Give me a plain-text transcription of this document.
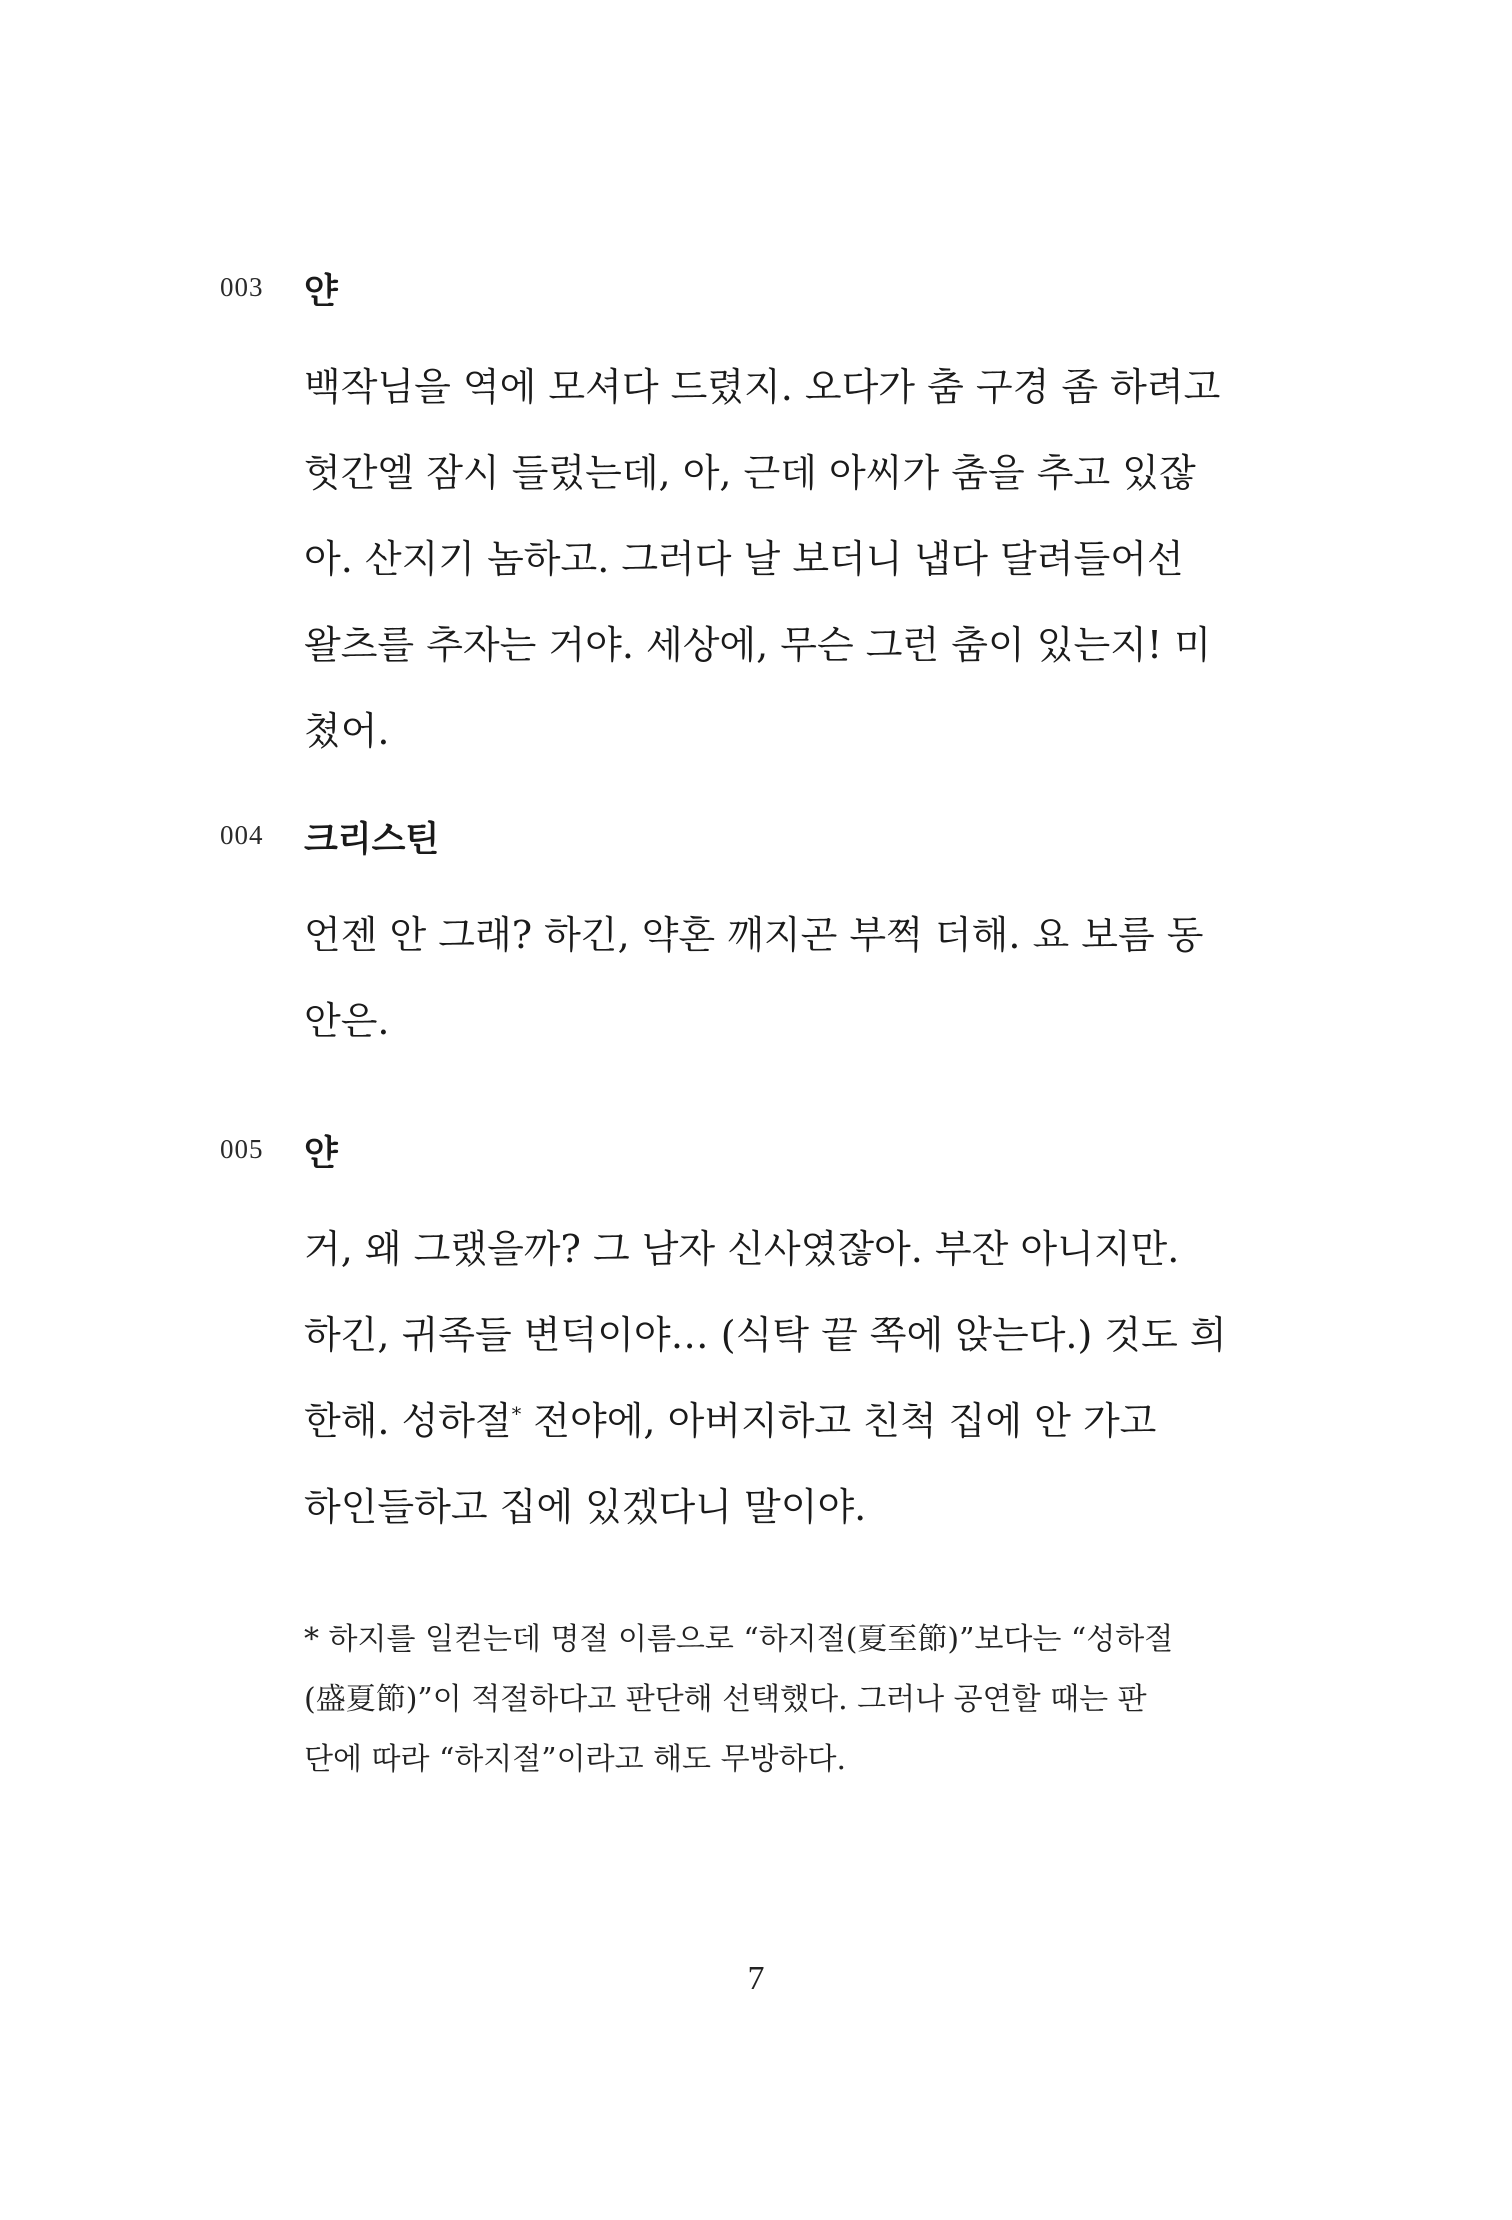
003 얀
백작님을 역에 모셔다 드렸지. 오다가 춤 구경 좀 하려고
헛간엘 잠시 들렀는데, 아, 근데 아씨가 춤을 추고 있잖
아. 산지기 놈하고. 그러다 날 보더니 냅다 달려들어선
왈츠를 추자는 거야. 세상에, 무슨 그런 춤이 있는지! 미
쳤어.
004 크리스틴
언젠 안 그래? 하긴, 약혼 깨지곤 부쩍 더해. 요 보름 동
안은.
005 얀
거, 왜 그랬을까? 그 남자 신사였잖아. 부잔 아니지만.
하긴, 귀족들 변덕이야… (식탁 끝 쪽에 앉는다.) 것도 희
한해. 성하절* 전야에, 아버지하고 친척 집에 안 가고
하인들하고 집에 있겠다니 말이야.
* 하지를 일컫는데 명절 이름으로 “하지절(夏至節)”보다는 “성하절
(盛夏節)”이 적절하다고 판단해 선택했다. 그러나 공연할 때는 판
단에 따라 “하지절”이라고 해도 무방하다.
7
